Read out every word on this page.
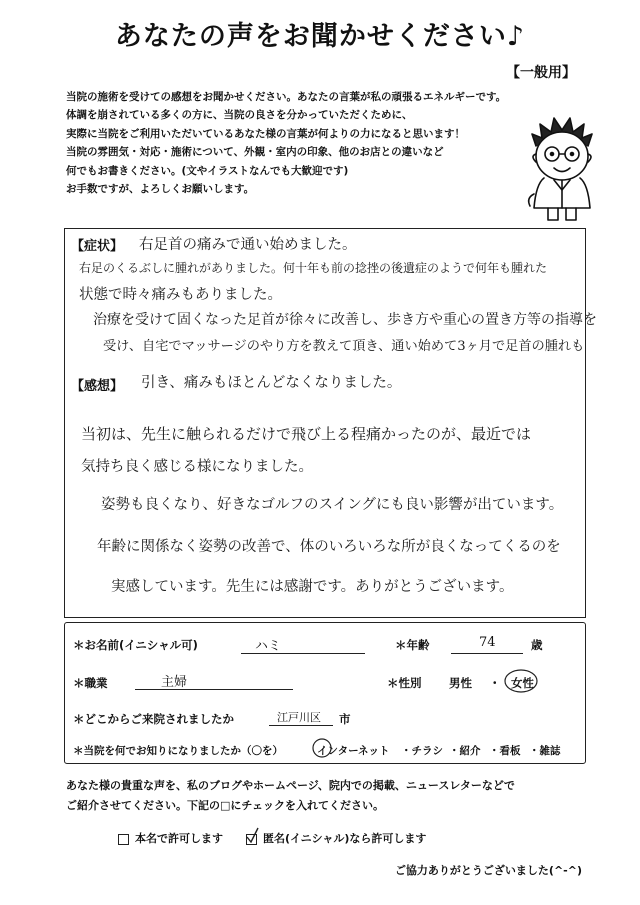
あなたの声をお聞かせください♪
【一般用】
当院の施術を受けての感想をお聞かせください。あなたの言葉が私の頑張るエネルギーです。
体調を崩されている多くの方に、当院の良さを分かっていただくために、
実際に当院をご利用いただいているあなた様の言葉が何よりの力になると思います！
当院の雰囲気・対応・施術について、外観・室内の印象、他のお店との違いなど
何でもお書きください。(文やイラストなんでも大歓迎です)
お手数ですが、よろしくお願いします。
【症状】 右足首の痛みで通い始めました。
右足のくるぶしに腫れがありました。何十年も前の捻挫の後遺症のようで何年も腫れた
状態で時々痛みもありました。
治療を受けて固くなった足首が徐々に改善し、歩き方や重心の置き方等の指導を
受け、自宅でマッサージのやり方を教えて頂き、通い始めて3ヶ月で足首の腫れも
【感想】 引き、痛みもほとんどなくなりました。
当初は、先生に触られるだけで飛び上る程痛かったのが、最近では
気持ち良く感じる様になりました。
姿勢も良くなり、好きなゴルフのスイングにも良い影響が出ています。
年齢に関係なく姿勢の改善で、体のいろいろな所が良くなってくるのを
実感しています。先生には感謝です。ありがとうございます。
＊お名前(イニシャル可)	ハミ	＊年齢	74	歳
＊職業	主婦	＊性別 男性 ・ 女性
＊どこからご来院されましたか	江戸川区 市
＊当院を何でお知りになりましたか（〇を）	インターネット ・チラシ ・紹介 ・看板 ・雑誌
あなた様の貴重な声を、私のブログやホームページ、院内での掲載、ニュースレターなどで
ご紹介させてください。下記の□にチェックを入れてください。
本名で許可します	匿名(イニシャル)なら許可します
ご協力ありがとうございました(^-^)
